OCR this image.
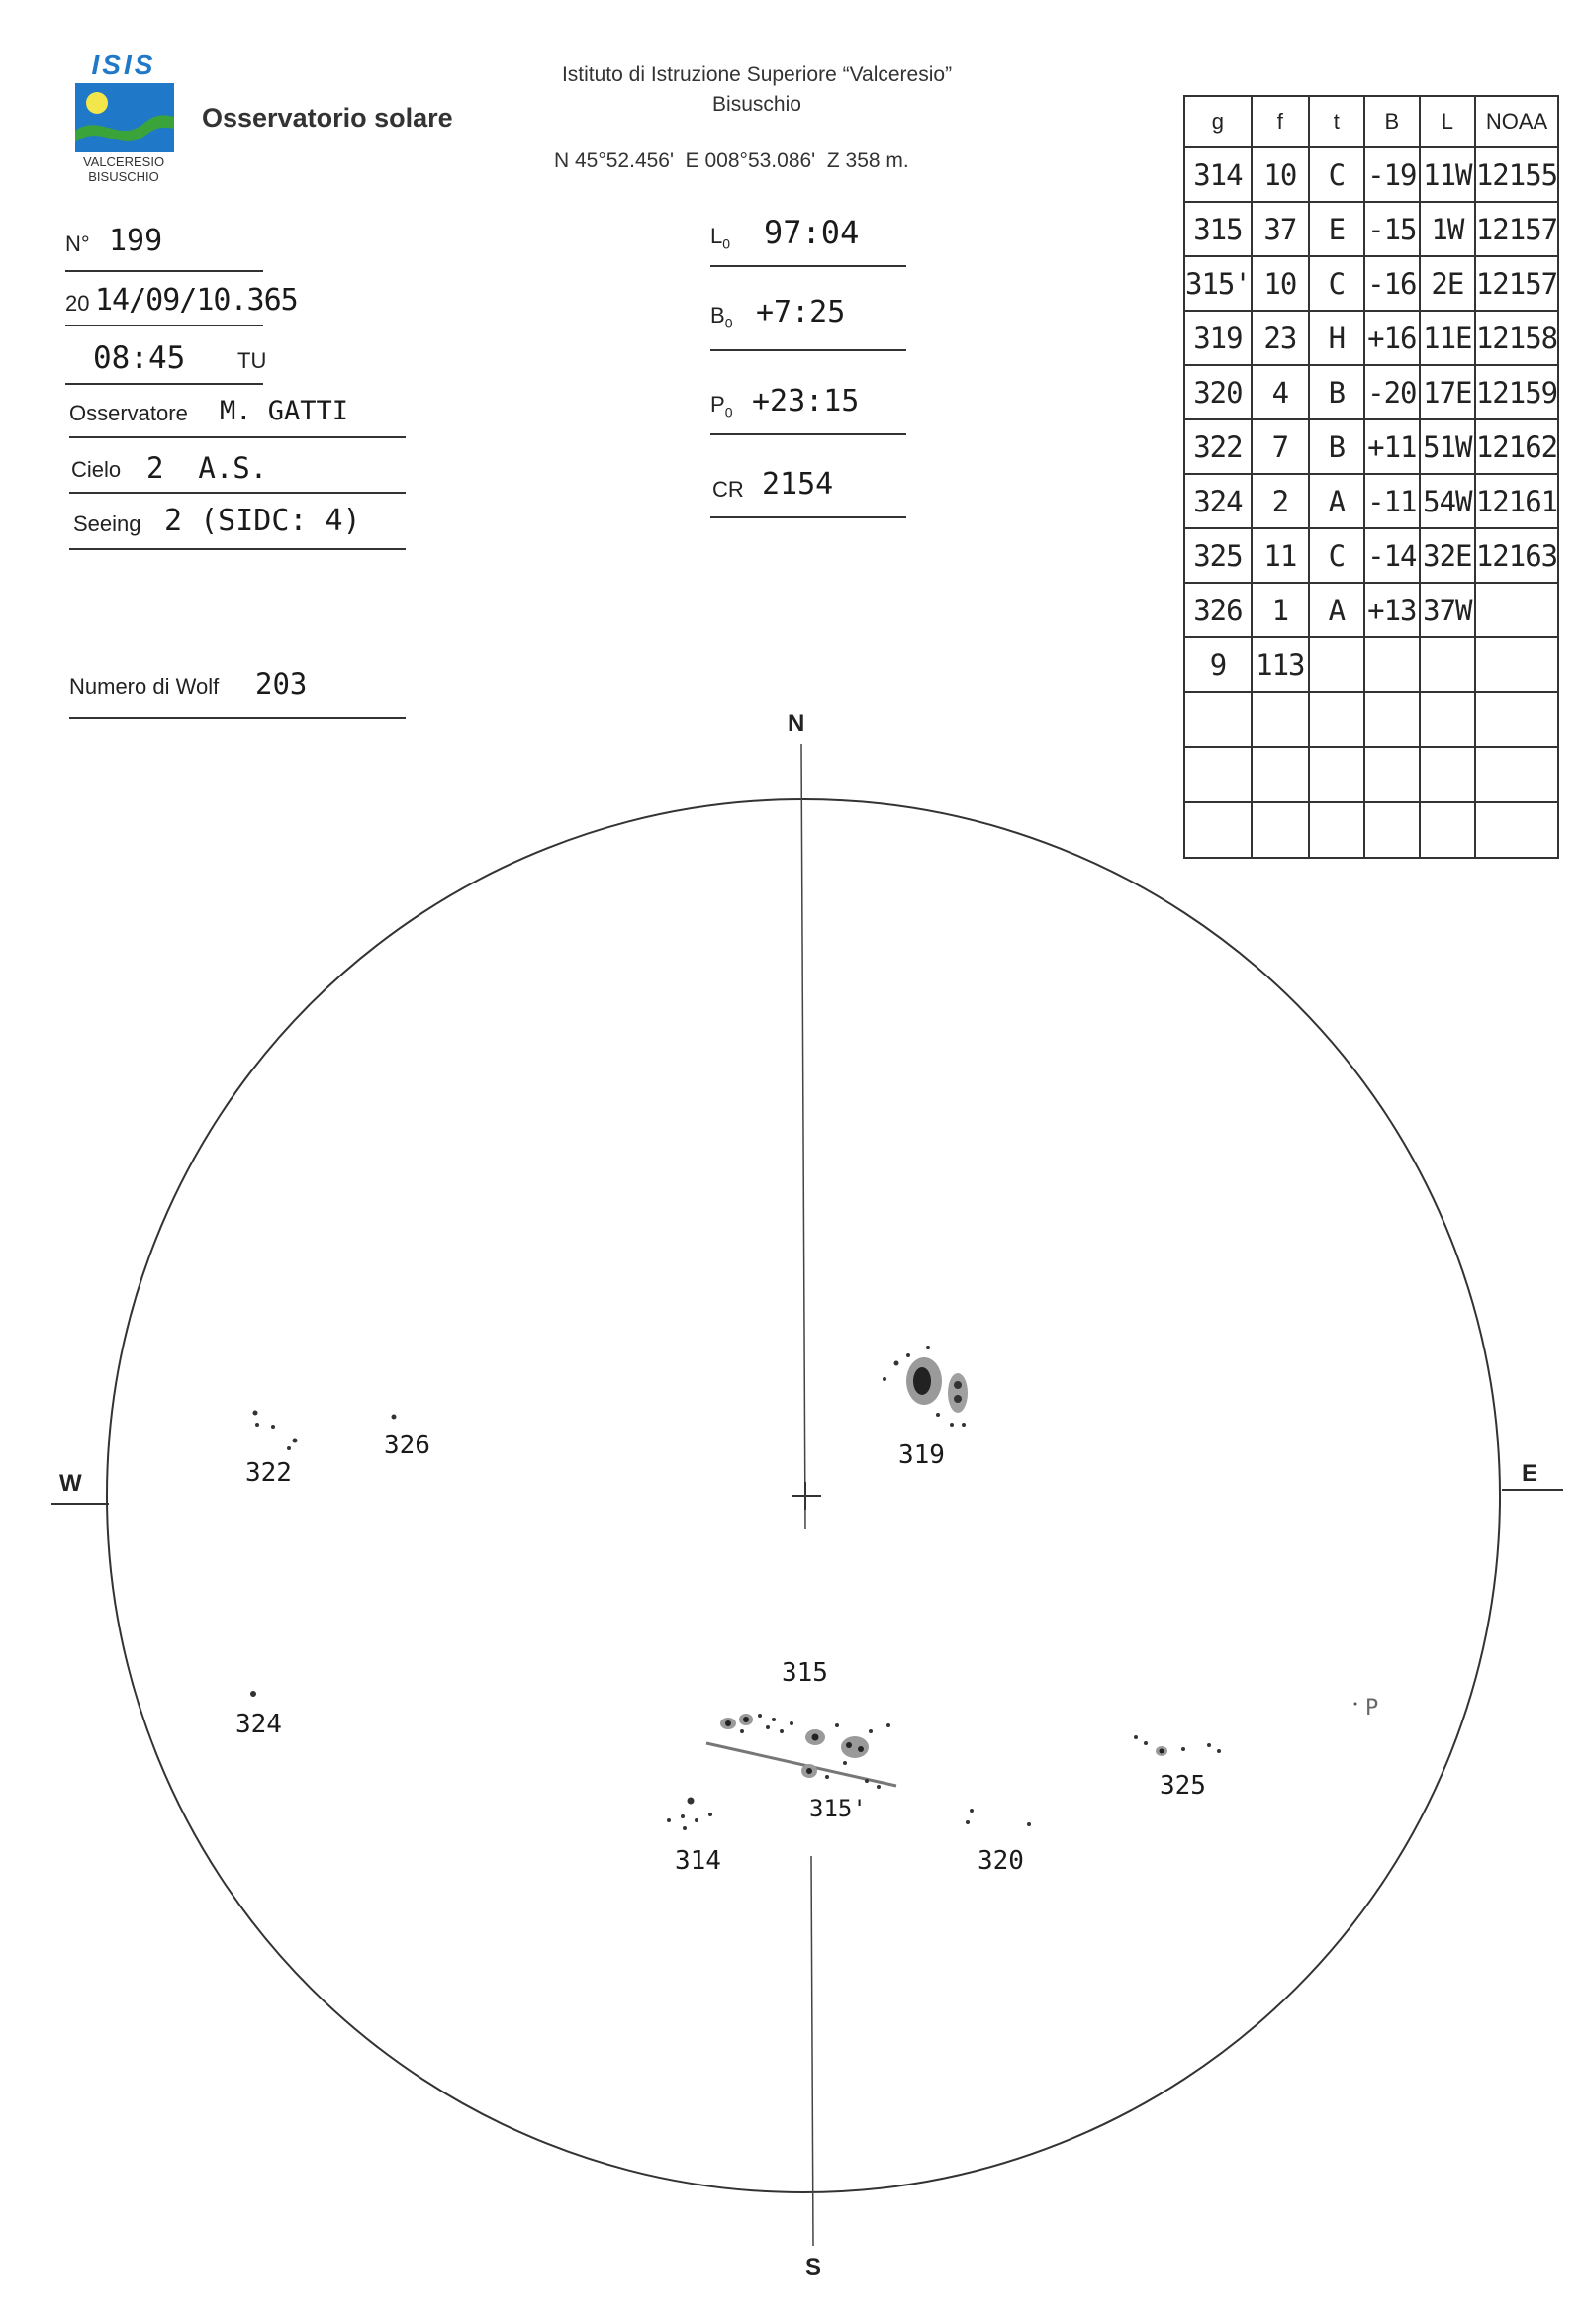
ISIS
VALCERESIO
BISUSCHIO
Osservatorio solare
Istituto di Istruzione Superiore “Valceresio”
Bisuschio
N 45°52.456'  E 008°53.086'  Z 358 m.
N° 199
20 14/09/10.365
08:45 TU
Osservatore M. GATTI
Cielo 2  A.S.
Seeing 2 (SIDC: 4)
Numero di Wolf 203
$L_0$ 97:04
$B_0$ +7:25
$P_0$ +23:15
CR 2154
g	f	t	B	L	NOAA
314	10	C	-19	11W	12155
315	37	E	-15	1W	12157
315'	10	C	-16	2E	12157
319	23	H	+16	11E	12158
320	4	B	-20	17E	12159
322	7	B	+11	51W	12162
324	2	A	-11	54W	12161
325	11	C	-14	32E	12163
326	1	A	+13	37W	
9	113				

N
S
W	E
P
319
322
326
324
315
315'
314	320
325
